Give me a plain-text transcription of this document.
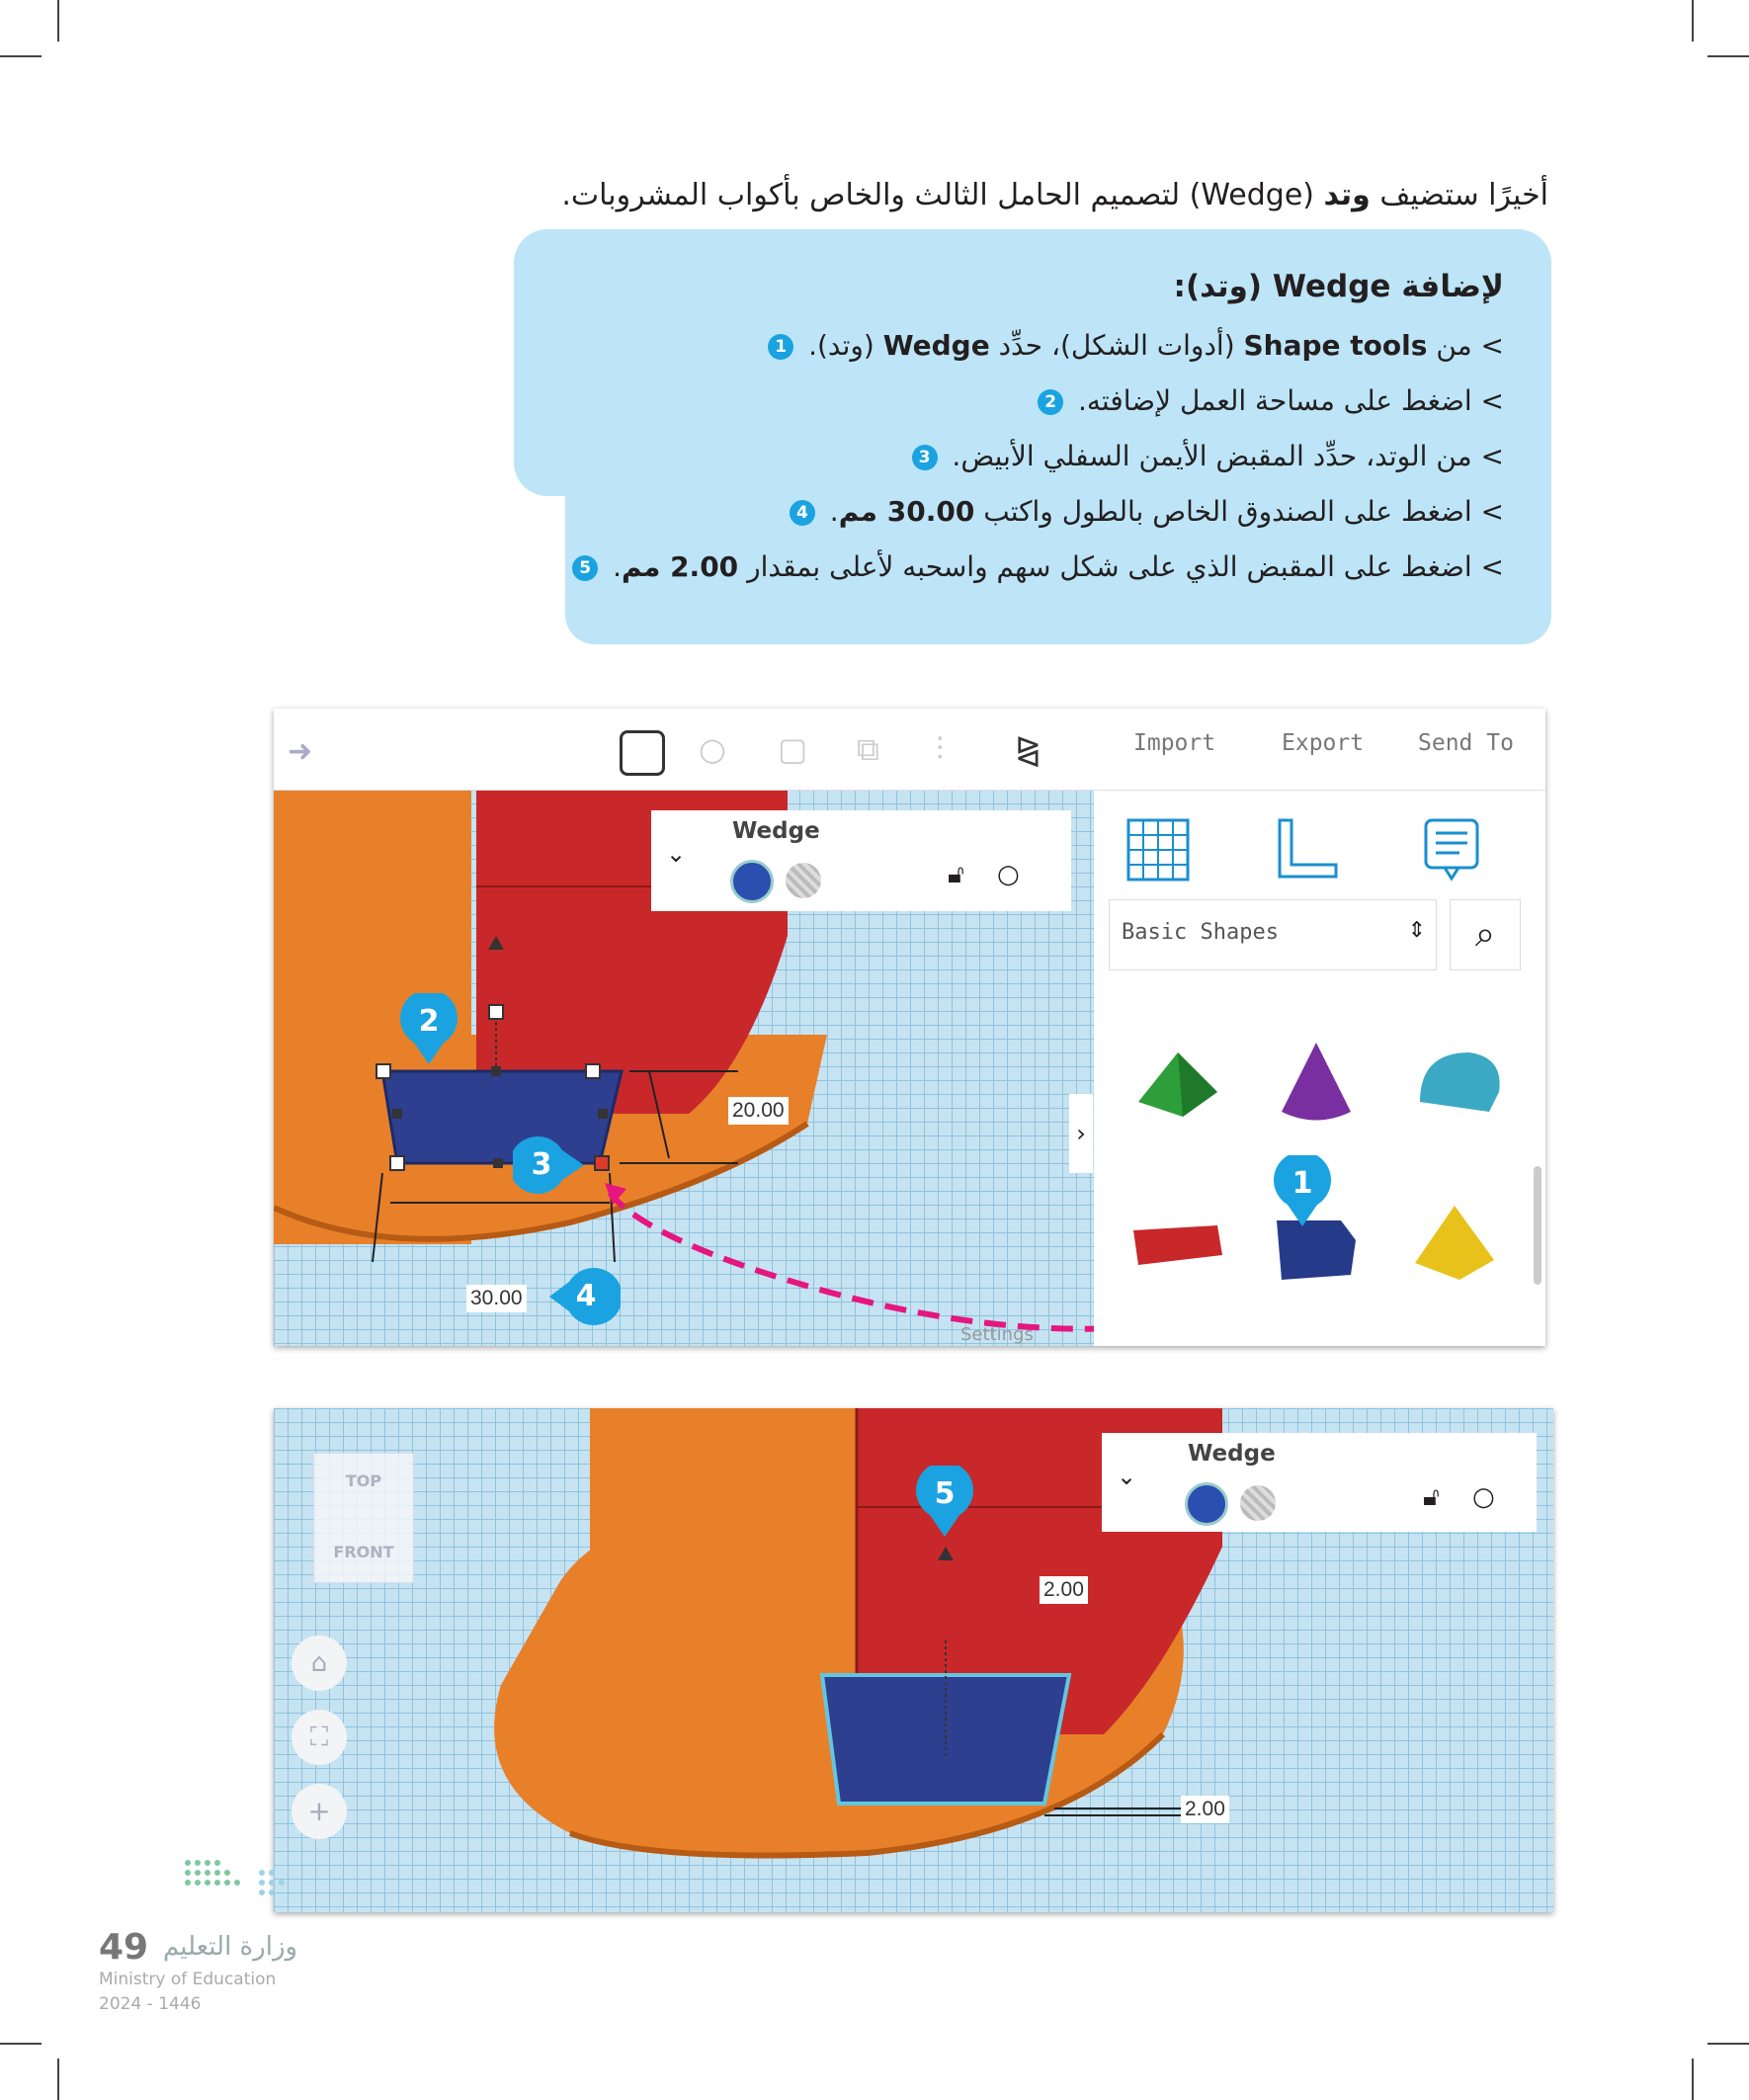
أخيرًا ستضيف وتد (Wedge) لتصميم الحامل الثالث والخاص بأكواب المشروبات.

لإضافة Wedge (وتد):
> من Shape tools (أدوات الشكل)، حدِّد Wedge (وتد). 1
> اضغط على مساحة العمل لإضافته. 2
> من الوتد، حدِّد المقبض الأيمن السفلي الأبيض. 3
> اضغط على الصندوق الخاص بالطول واكتب 30.00 مم. 4
> اضغط على المقبض الذي على شكل سهم واسحبه لأعلى بمقدار 2.00 مم. 5
➜	○ ▢ ⧉ ⫶ ⧎	Import	Export Send To
⌄
Wedge
🔓︎ ○
Basic Shapes	⇕	⌕
›
20.00
30.00
Settings
1
2
3
4
TOP
FRONT
⌂
⛶
+
⌄
Wedge
🔓︎ ○
2.00
2.00
5
وزارة التعليم
49
Ministry of Education
2024 - 1446
